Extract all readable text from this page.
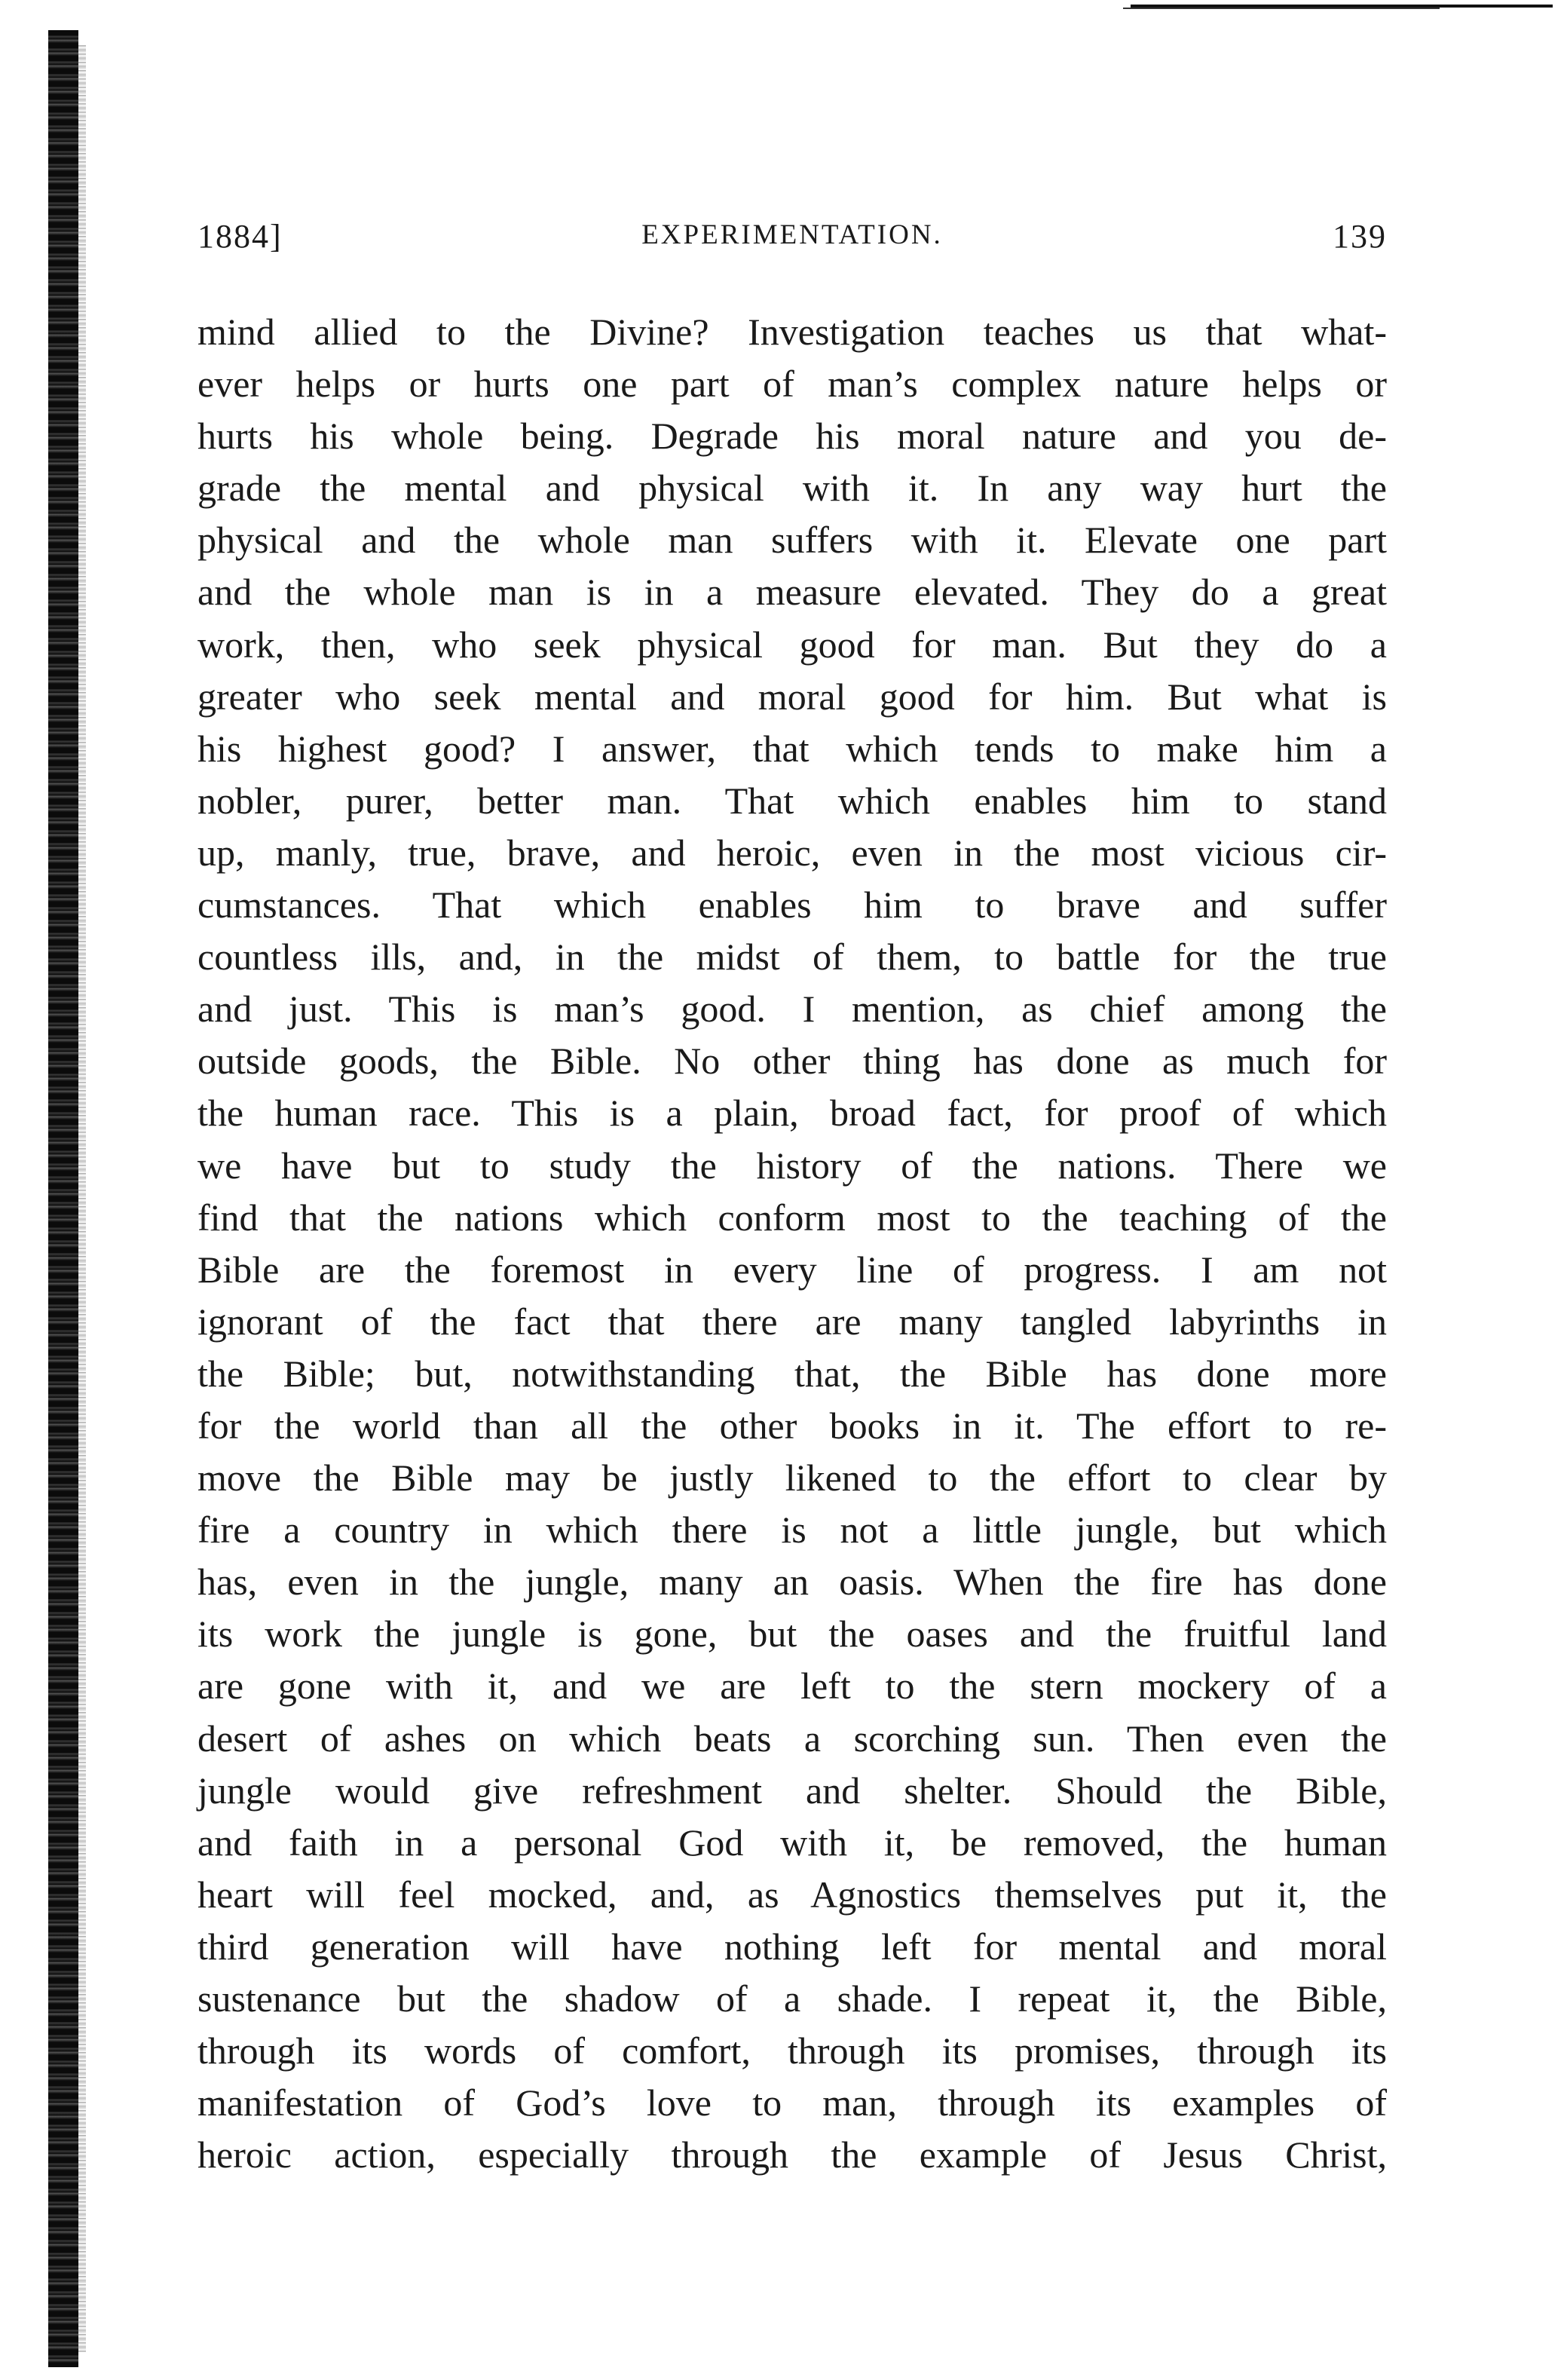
1884]	EXPERIMENTATION.	139
mind allied to the Divine? Investigation teaches us that what-
ever helps or hurts one part of man’s complex nature helps or
hurts his whole being. Degrade his moral nature and you de-
grade the mental and physical with it. In any way hurt the
physical and the whole man suffers with it. Elevate one part
and the whole man is in a measure elevated. They do a great
work, then, who seek physical good for man. But they do a
greater who seek mental and moral good for him. But what is
his highest good? I answer, that which tends to make him a
nobler, purer, better man. That which enables him to stand
up, manly, true, brave, and heroic, even in the most vicious cir-
cumstances. That which enables him to brave and suffer
countless ills, and, in the midst of them, to battle for the true
and just. This is man’s good. I mention, as chief among the
outside goods, the Bible. No other thing has done as much for
the human race. This is a plain, broad fact, for proof of which
we have but to study the history of the nations. There we
find that the nations which conform most to the teaching of the
Bible are the foremost in every line of progress. I am not
ignorant of the fact that there are many tangled labyrinths in
the Bible; but, notwithstanding that, the Bible has done more
for the world than all the other books in it. The effort to re-
move the Bible may be justly likened to the effort to clear by
fire a country in which there is not a little jungle, but which
has, even in the jungle, many an oasis. When the fire has done
its work the jungle is gone, but the oases and the fruitful land
are gone with it, and we are left to the stern mockery of a
desert of ashes on which beats a scorching sun. Then even the
jungle would give refreshment and shelter. Should the Bible,
and faith in a personal God with it, be removed, the human
heart will feel mocked, and, as Agnostics themselves put it, the
third generation will have nothing left for mental and moral
sustenance but the shadow of a shade. I repeat it, the Bible,
through its words of comfort, through its promises, through its
manifestation of God’s love to man, through its examples of
heroic action, especially through the example of Jesus Christ,
